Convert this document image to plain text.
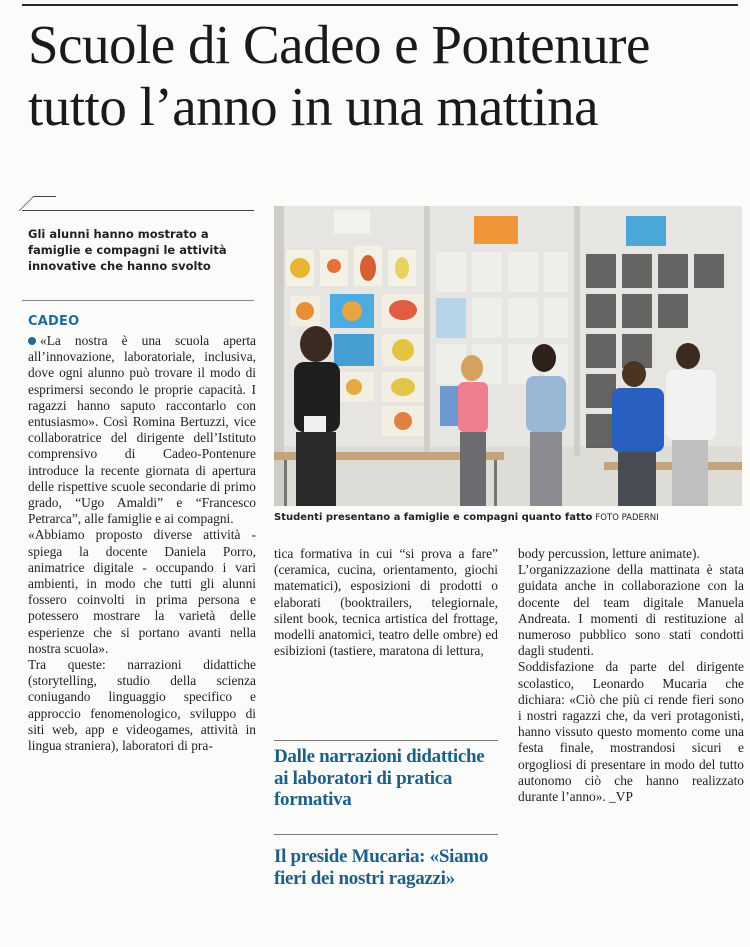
Scuole di Cadeo e Pontenure
tutto l’anno in una mattina
Gli alunni hanno mostrato a famiglie e compagni le attività innovative che hanno svolto
Studenti presentano a famiglie e compagni quanto fatto FOTO PADERNI
CADEO

«La nostra è una scuola aperta all’innovazione, laboratoriale, inclusiva, dove ogni alunno può trovare il modo di esprimersi secondo le proprie capacità. I ragazzi hanno saputo raccontarlo con entusiasmo». Così Romina Bertuzzi, vice collaboratrice del dirigente dell’Istituto comprensivo di Cadeo-Pontenure introduce la recente giornata di apertura delle rispettive scuole secondarie di primo grado, “Ugo Amaldi” e “Francesco Petrarca”, alle famiglie e ai compagni.

«Abbiamo proposto diverse attività - spiega la docente Daniela Porro, animatrice digitale - occupando i vari ambienti, in modo che tutti gli alunni fossero coinvolti in prima persona e potessero mostrare la varietà delle esperienze che si portano avanti nella nostra scuola».

Tra queste: narrazioni didattiche (storytelling, studio della scienza coniugando linguaggio specifico e approccio fenomenologico, sviluppo di siti web, app e videogames, attività in lingua straniera), laboratori di pra-

tica formativa in cui “si prova a fare” (ceramica, cucina, orientamento, giochi matematici), esposizioni di prodotti o elaborati (booktrailers, telegiornale, silent book, tecnica artistica del frottage, modelli anatomici, teatro delle ombre) ed esibizioni (tastiere, maratona di lettura,

Dalle narrazioni didattiche ai laboratori di pratica formativa
Il preside Mucaria: «Siamo fieri dei nostri ragazzi»

body percussion, letture animate).

L’organizzazione della mattinata è stata guidata anche in collaborazione con la docente del team digitale Manuela Andreata. I momenti di restituzione al numeroso pubblico sono stati condotti dagli studenti.

Soddisfazione da parte del dirigente scolastico, Leonardo Mucaria che dichiara: «Ciò che più ci rende fieri sono i nostri ragazzi che, da veri protagonisti, hanno vissuto questo momento come una festa finale, mostrandosi sicuri e orgogliosi di presentare in modo del tutto autonomo ciò che hanno realizzato durante l’anno». _VP
